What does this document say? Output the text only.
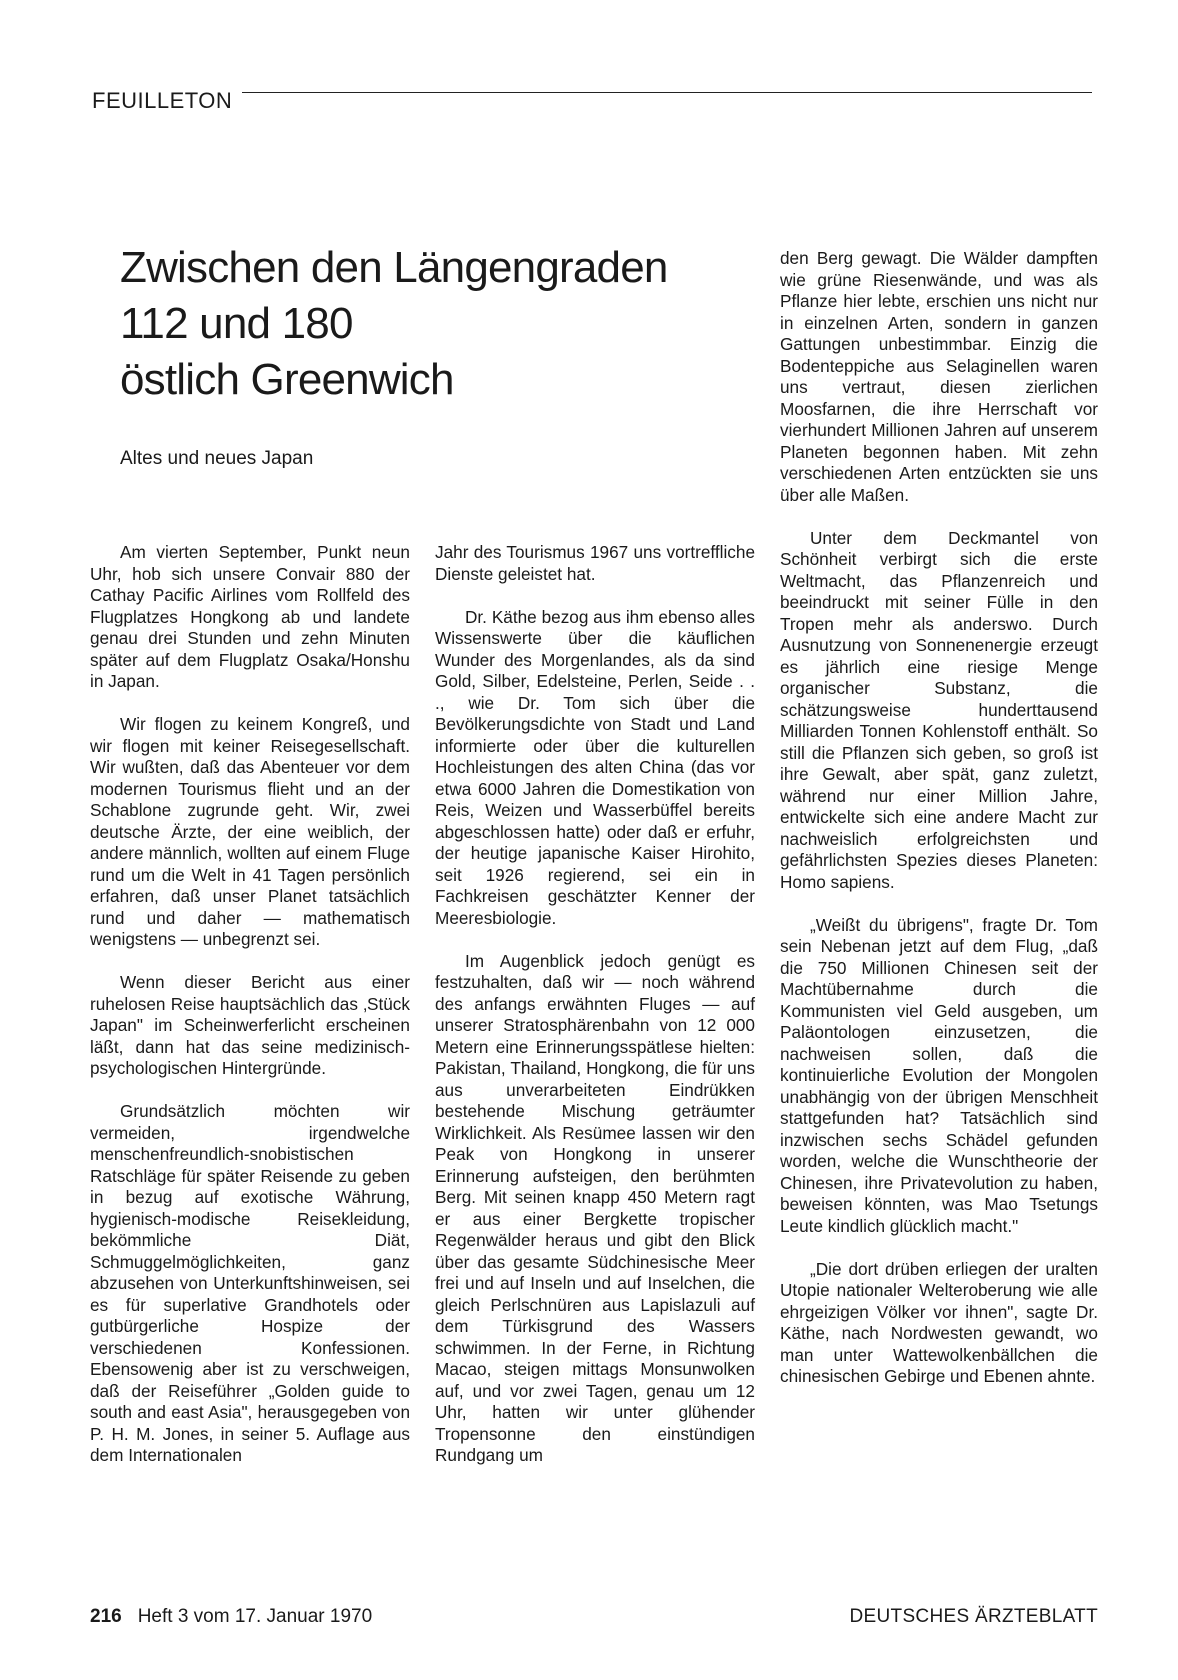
FEUILLETON
Zwischen den Längengraden
112 und 180
östlich Greenwich
Altes und neues Japan

Am vierten September, Punkt neun Uhr, hob sich unsere Convair 880 der Cathay Pacific Airlines vom Rollfeld des Flugplatzes Hongkong ab und landete genau drei Stunden und zehn Minuten später auf dem Flugplatz Osaka/Honshu in Japan.

Wir flogen zu keinem Kongreß, und wir flogen mit keiner Reisegesellschaft. Wir wußten, daß das Abenteuer vor dem modernen Tourismus flieht und an der Schablone zugrunde geht. Wir, zwei deutsche Ärzte, der eine weiblich, der andere männlich, wollten auf einem Fluge rund um die Welt in 41 Tagen persönlich erfahren, daß unser Planet tatsächlich rund und daher — mathematisch wenigstens — unbegrenzt sei.

Wenn dieser Bericht aus einer ruhelosen Reise hauptsächlich das ‚Stück Japan" im Scheinwerferlicht erscheinen läßt, dann hat das seine medizinisch-psychologischen Hintergründe.

Grundsätzlich möchten wir vermeiden, irgendwelche menschenfreundlich-snobistischen Ratschläge für später Reisende zu geben in bezug auf exotische Währung, hygienisch-modische Reisekleidung, bekömmliche Diät, Schmuggelmöglichkeiten, ganz abzusehen von Unterkunftshinweisen, sei es für superlative Grandhotels oder gutbürgerliche Hospize der verschiedenen Konfessionen. Ebensowenig aber ist zu verschweigen, daß der Reiseführer „Golden guide to south and east Asia", herausgegeben von P. H. M. Jones, in seiner 5. Auflage aus dem Internationalen

Jahr des Tourismus 1967 uns vortreffliche Dienste geleistet hat.

Dr. Käthe bezog aus ihm ebenso alles Wissenswerte über die käuflichen Wunder des Morgenlandes, als da sind Gold, Silber, Edelsteine, Perlen, Seide . . ., wie Dr. Tom sich über die Bevölkerungsdichte von Stadt und Land informierte oder über die kulturellen Hochleistungen des alten China (das vor etwa 6000 Jahren die Domestikation von Reis, Weizen und Wasserbüffel bereits abgeschlossen hatte) oder daß er erfuhr, der heutige japanische Kaiser Hirohito, seit 1926 regierend, sei ein in Fachkreisen geschätzter Kenner der Meeresbiologie.

Im Augenblick jedoch genügt es festzuhalten, daß wir — noch während des anfangs erwähnten Fluges — auf unserer Stratosphärenbahn von 12 000 Metern eine Erinnerungsspätlese hielten: Pakistan, Thailand, Hongkong, die für uns aus unverarbeiteten Eindrükken bestehende Mischung geträumter Wirklichkeit. Als Resümee lassen wir den Peak von Hongkong in unserer Erinnerung aufsteigen, den berühmten Berg. Mit seinen knapp 450 Metern ragt er aus einer Bergkette tropischer Regenwälder heraus und gibt den Blick über das gesamte Südchinesische Meer frei und auf Inseln und auf Inselchen, die gleich Perlschnüren aus Lapislazuli auf dem Türkisgrund des Wassers schwimmen. In der Ferne, in Richtung Macao, steigen mittags Monsunwolken auf, und vor zwei Tagen, genau um 12 Uhr, hatten wir unter glühender Tropensonne den einstündigen Rundgang um

den Berg gewagt. Die Wälder dampften wie grüne Riesenwände, und was als Pflanze hier lebte, erschien uns nicht nur in einzelnen Arten, sondern in ganzen Gattungen unbestimmbar. Einzig die Bodenteppiche aus Selaginellen waren uns vertraut, diesen zierlichen Moosfarnen, die ihre Herrschaft vor vierhundert Millionen Jahren auf unserem Planeten begonnen haben. Mit zehn verschiedenen Arten entzückten sie uns über alle Maßen.

Unter dem Deckmantel von Schönheit verbirgt sich die erste Weltmacht, das Pflanzenreich und beeindruckt mit seiner Fülle in den Tropen mehr als anderswo. Durch Ausnutzung von Sonnenenergie erzeugt es jährlich eine riesige Menge organischer Substanz, die schätzungsweise hunderttausend Milliarden Tonnen Kohlenstoff enthält. So still die Pflanzen sich geben, so groß ist ihre Gewalt, aber spät, ganz zuletzt, während nur einer Million Jahre, entwickelte sich eine andere Macht zur nachweislich erfolgreichsten und gefährlichsten Spezies dieses Planeten: Homo sapiens.

„Weißt du übrigens", fragte Dr. Tom sein Nebenan jetzt auf dem Flug, „daß die 750 Millionen Chinesen seit der Machtübernahme durch die Kommunisten viel Geld ausgeben, um Paläontologen einzusetzen, die nachweisen sollen, daß die kontinuierliche Evolution der Mongolen unabhängig von der übrigen Menschheit stattgefunden hat? Tatsächlich sind inzwischen sechs Schädel gefunden worden, welche die Wunschtheorie der Chinesen, ihre Privatevolution zu haben, beweisen könnten, was Mao Tsetungs Leute kindlich glücklich macht."

„Die dort drüben erliegen der uralten Utopie nationaler Welteroberung wie alle ehrgeizigen Völker vor ihnen", sagte Dr. Käthe, nach Nordwesten gewandt, wo man unter Wattewolkenbällchen die chinesischen Gebirge und Ebenen ahnte.

216 Heft 3 vom 17. Januar 1970	DEUTSCHES ÄRZTEBLATT
